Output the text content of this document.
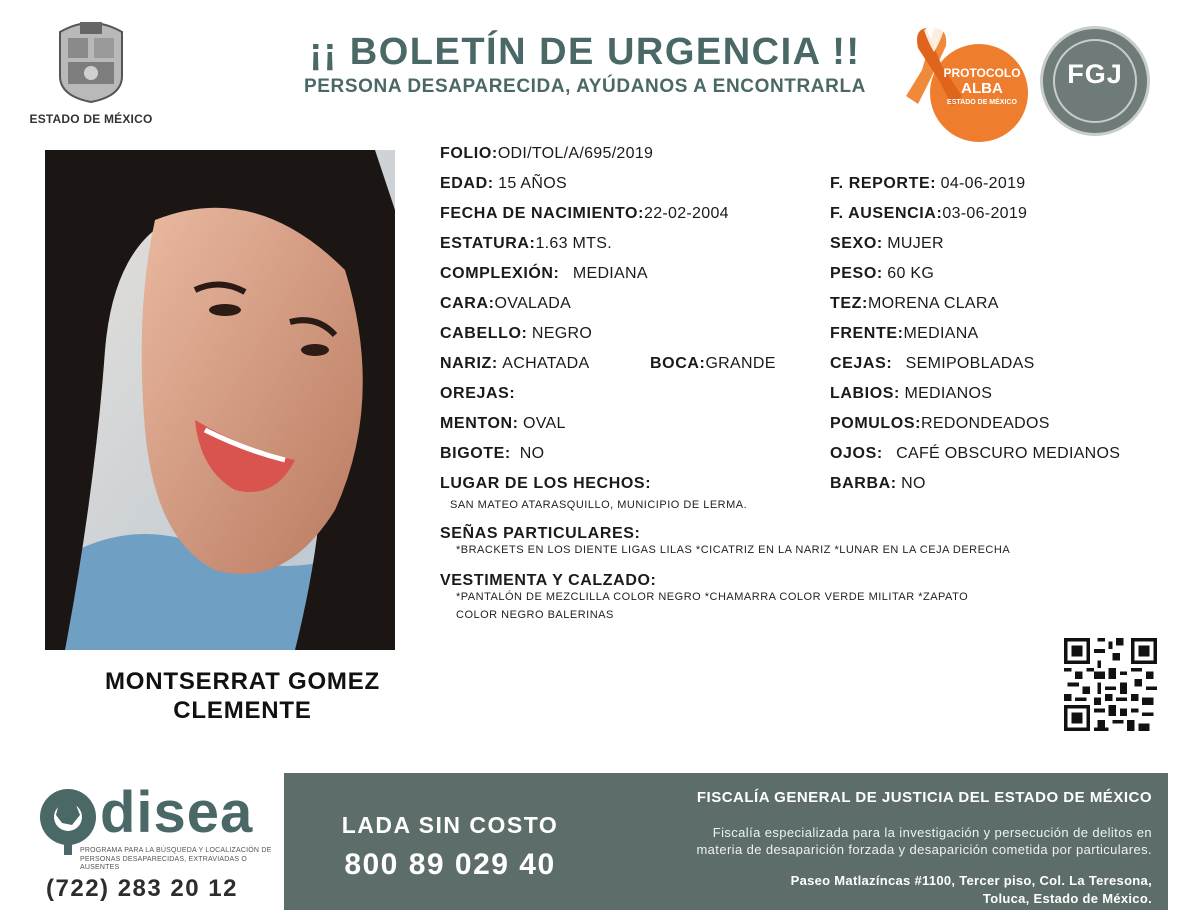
ESTADO DE MÉXICO
¡¡ BOLETÍN DE URGENCIA !!
PERSONA DESAPARECIDA, AYÚDANOS A ENCONTRARLA
PROTOCOLO
ALBA
ESTADO DE MÉXICO
FGJ
MONTSERRAT GOMEZ
CLEMENTE
FOLIO:ODI/TOL/A/695/2019
EDAD: 15 AÑOS
FECHA DE NACIMIENTO:22-02-2004
ESTATURA:1.63 MTS.
COMPLEXIÓN: MEDIANA
CARA:OVALADA
CABELLO: NEGRO
NARIZ: ACHATADA	BOCA:GRANDE
OREJAS:
MENTON: OVAL
BIGOTE: NO
LUGAR DE LOS HECHOS:
SAN MATEO ATARASQUILLO, MUNICIPIO DE LERMA.
F. REPORTE: 04-06-2019
F. AUSENCIA:03-06-2019
SEXO: MUJER
PESO: 60 KG
TEZ:MORENA CLARA
FRENTE:MEDIANA
CEJAS: SEMIPOBLADAS
LABIOS: MEDIANOS
POMULOS:REDONDEADOS
OJOS: CAFÉ OBSCURO MEDIANOS
BARBA: NO
SEÑAS PARTICULARES:
*BRACKETS EN LOS DIENTE LIGAS LILAS *CICATRIZ EN LA NARIZ *LUNAR EN LA CEJA DERECHA
VESTIMENTA Y CALZADO:
*PANTALÓN DE MEZCLILLA COLOR NEGRO *CHAMARRA COLOR VERDE MILITAR *ZAPATO
COLOR NEGRO BALERINAS
disea
PROGRAMA PARA LA BÚSQUEDA Y LOCALIZACIÓN DE PERSONAS DESAPARECIDAS, EXTRAVIADAS O AUSENTES
(722) 283 20 12
LADA SIN COSTO
800 89 029 40
FISCALÍA GENERAL DE JUSTICIA DEL ESTADO DE MÉXICO
Fiscalía especializada para la investigación y persecución de delitos en
materia de desaparición forzada y desaparición cometida por particulares.
Paseo Matlazíncas #1100, Tercer piso, Col. La Teresona,
Toluca, Estado de México.
